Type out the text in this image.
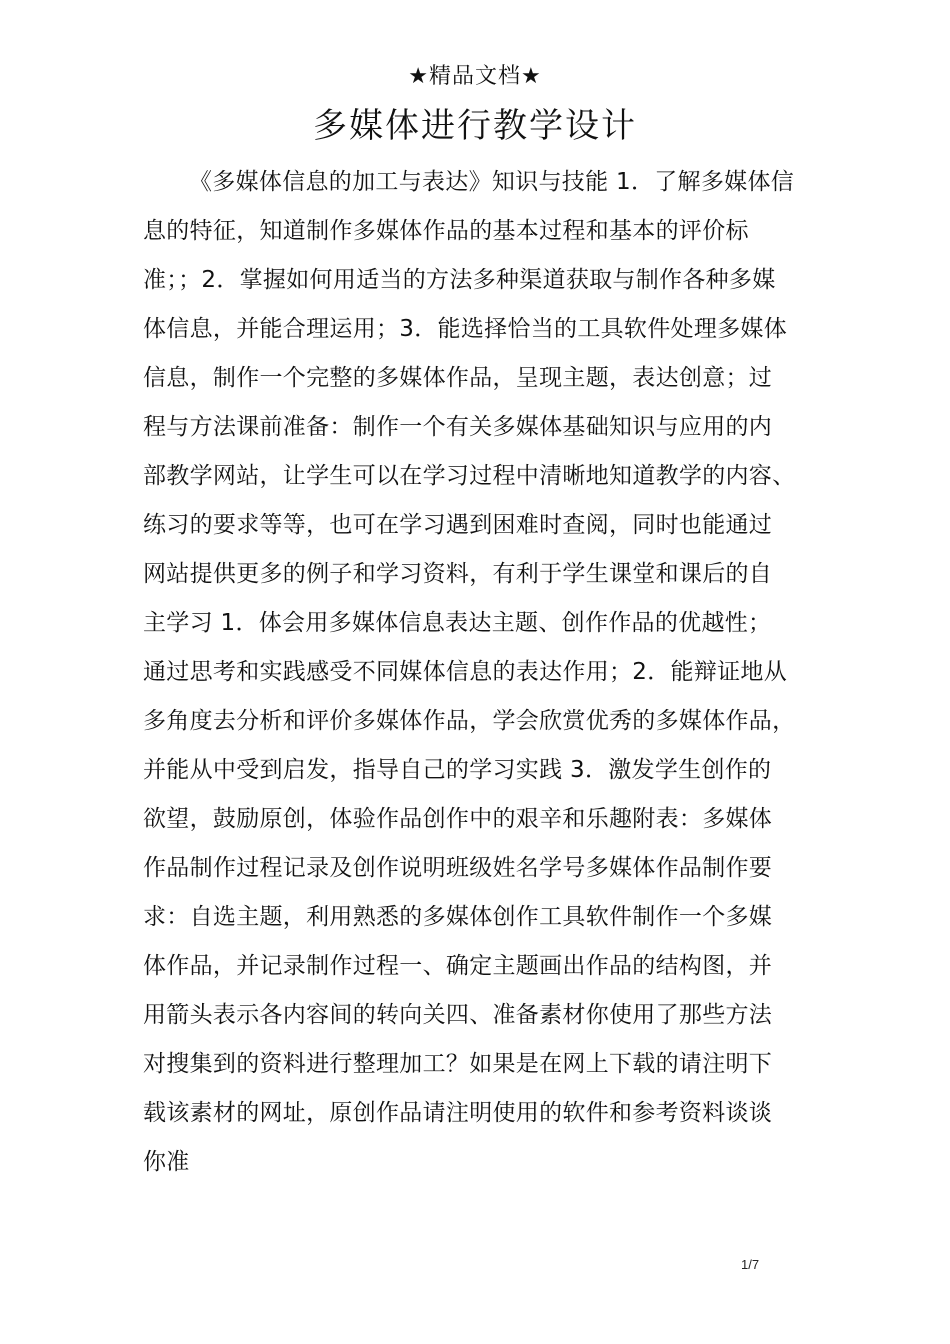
★精品文档★
多媒体进行教学设计
《多媒体信息的加工与表达》知识与技能 1．了解多媒体信
息的特征，知道制作多媒体作品的基本过程和基本的评价标
准；；2．掌握如何用适当的方法多种渠道获取与制作各种多媒
体信息，并能合理运用；3．能选择恰当的工具软件处理多媒体
信息，制作一个完整的多媒体作品，呈现主题，表达创意；过
程与方法课前准备：制作一个有关多媒体基础知识与应用的内
部教学网站，让学生可以在学习过程中清晰地知道教学的内容、
练习的要求等等，也可在学习遇到困难时查阅，同时也能通过
网站提供更多的例子和学习资料，有利于学生课堂和课后的自
主学习 1．体会用多媒体信息表达主题、创作作品的优越性；
通过思考和实践感受不同媒体信息的表达作用；2．能辩证地从
多角度去分析和评价多媒体作品，学会欣赏优秀的多媒体作品，
并能从中受到启发，指导自己的学习实践 3．激发学生创作的
欲望，鼓励原创，体验作品创作中的艰辛和乐趣附表：多媒体
作品制作过程记录及创作说明班级姓名学号多媒体作品制作要
求：自选主题，利用熟悉的多媒体创作工具软件制作一个多媒
体作品，并记录制作过程一、确定主题画出作品的结构图，并
用箭头表示各内容间的转向关四、准备素材你使用了那些方法
对搜集到的资料进行整理加工？如果是在网上下载的请注明下
载该素材的网址，原创作品请注明使用的软件和参考资料谈谈
你准
1/7
